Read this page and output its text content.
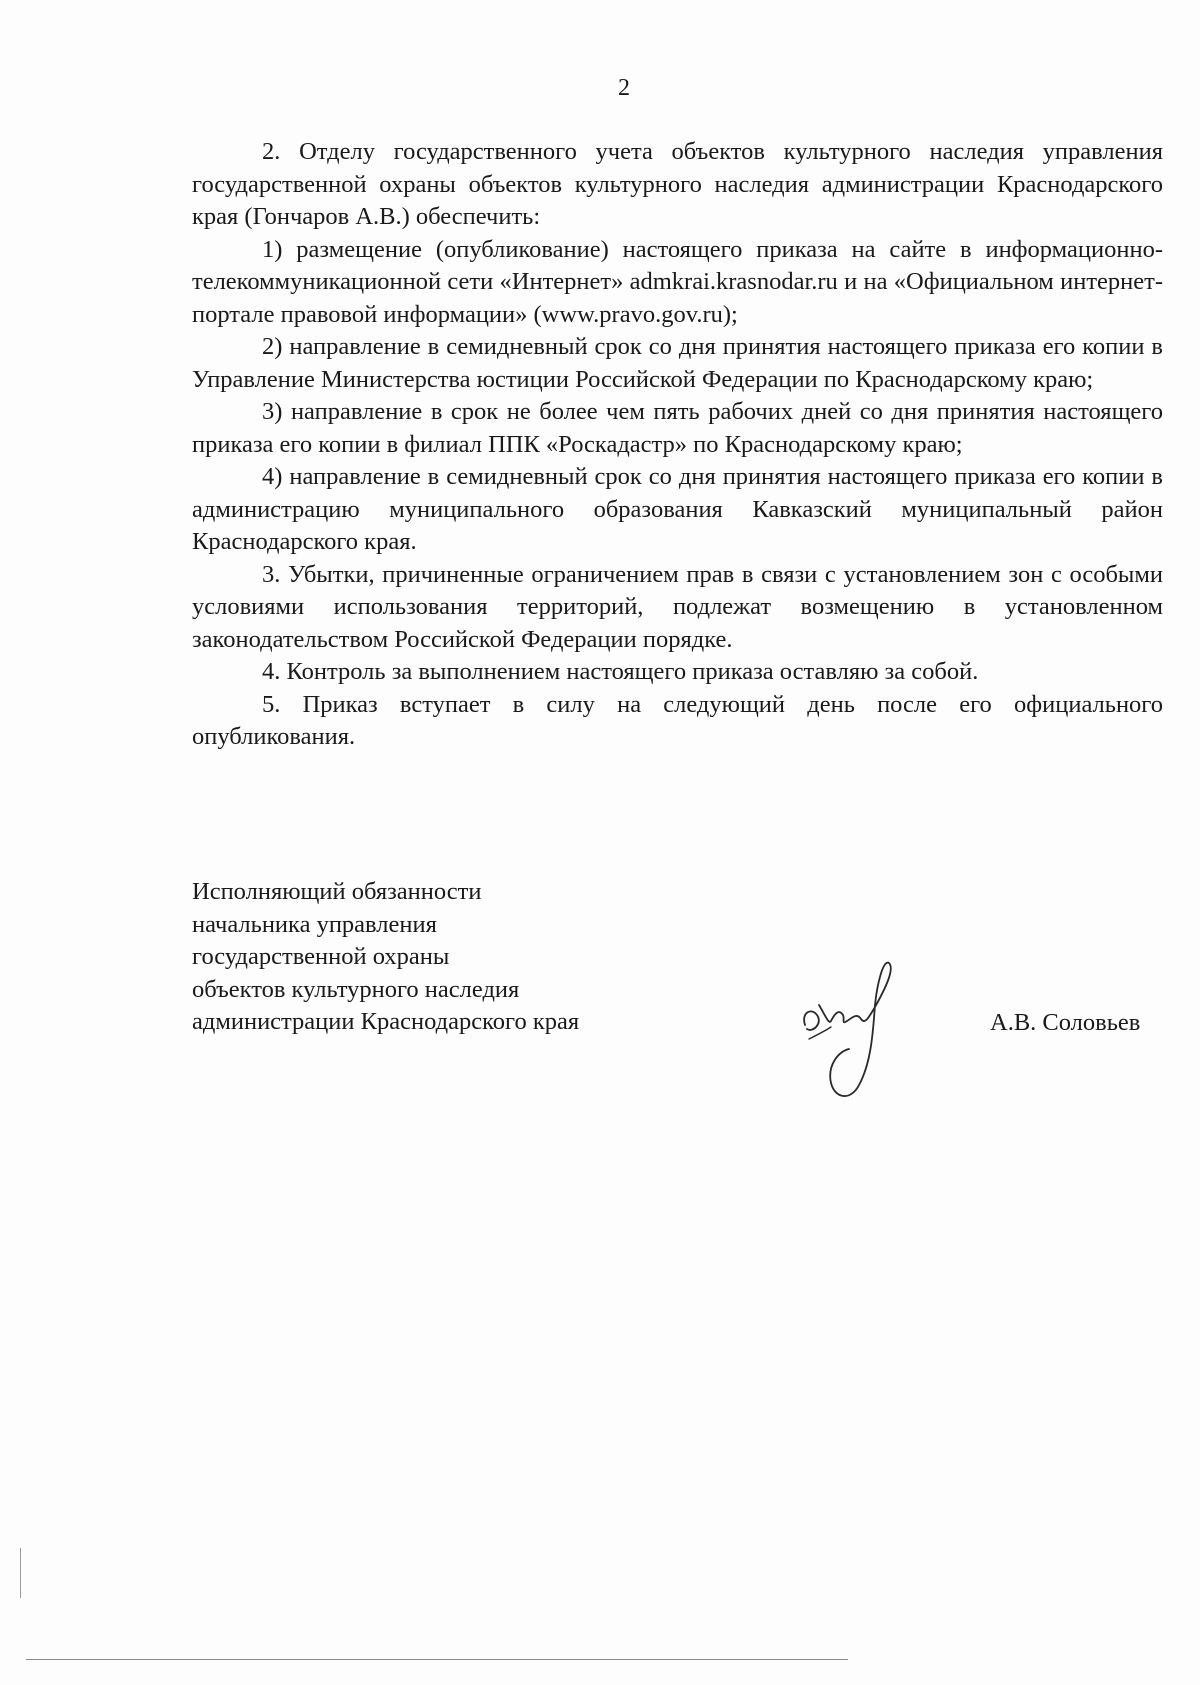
2

2. Отделу государственного учета объектов культурного наследия управления государственной охраны объектов культурного наследия администрации Краснодарского края (Гончаров А.В.) обеспечить:

1) размещение (опубликование) настоящего приказа на сайте в информационно-телекоммуникационной сети «Интернет» admkrai.krasnodar.ru и на «Официальном интернет-портале правовой информации» (www.pravo.gov.ru);

2) направление в семидневный срок со дня принятия настоящего приказа его копии в Управление Министерства юстиции Российской Федерации по Краснодарскому краю;

3) направление в срок не более чем пять рабочих дней со дня принятия настоящего приказа его копии в филиал ППК «Роскадастр» по Краснодарскому краю;

4) направление в семидневный срок со дня принятия настоящего приказа его копии в администрацию муниципального образования Кавказский муниципальный район Краснодарского края.

3. Убытки, причиненные ограничением прав в связи с установлением зон с особыми условиями использования территорий, подлежат возмещению в установленном законодательством Российской Федерации порядке.

4. Контроль за выполнением настоящего приказа оставляю за собой.

5. Приказ вступает в силу на следующий день после его официального опубликования.

Исполняющий обязанности
начальника управления
государственной охраны
объектов культурного наследия
администрации Краснодарского края	А.В. Соловьев
